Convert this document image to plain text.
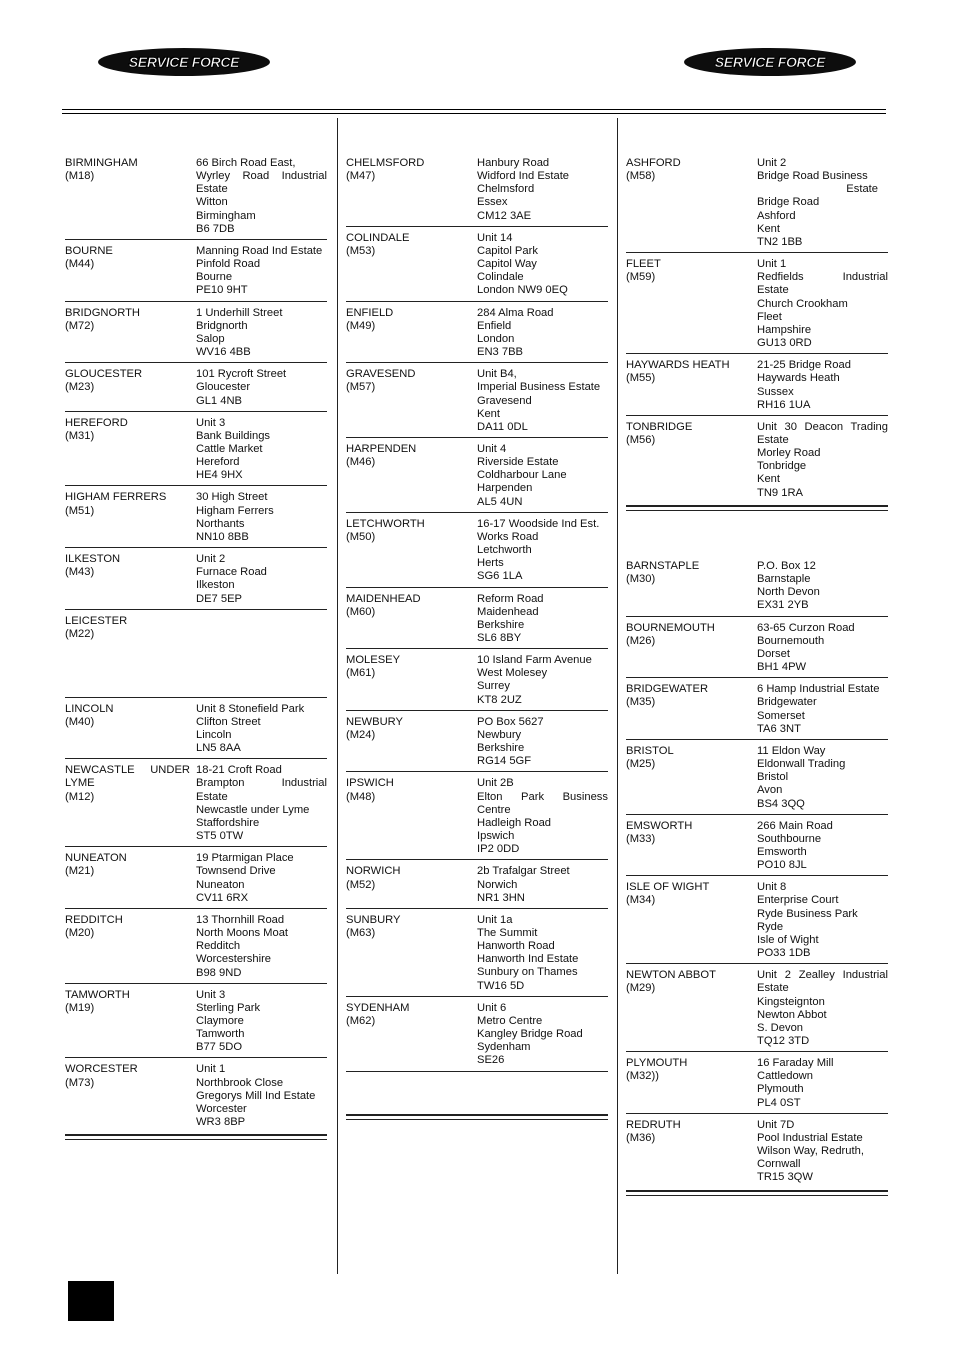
SERVICE FORCE	SERVICE FORCE
BIRMINGHAM
(M18)
66 Birch Road East,
Wyrley Road Industrial
Estate
Witton
Birmingham
B6 7DB
BOURNE
(M44)
Manning Road Ind Estate
Pinfold Road
Bourne
PE10 9HT
BRIDGNORTH
(M72)
1 Underhill Street
Bridgnorth
Salop
WV16 4BB
GLOUCESTER
(M23)
101 Rycroft Street
Gloucester
GL1 4NB
HEREFORD
(M31)
Unit 3
Bank Buildings
Cattle Market
Hereford
HE4 9HX
HIGHAM FERRERS
(M51)
30 High Street
Higham Ferrers
Northants
NN10 8BB
ILKESTON
(M43)
Unit 2
Furnace Road
Ilkeston
DE7 5EP
LEICESTER
(M22)
LINCOLN
(M40)
Unit 8 Stonefield Park
Clifton Street
Lincoln
LN5 8AA
NEWCASTLE UNDER
LYME
(M12)
18-21 Croft Road
Brampton Industrial
Estate
Newcastle under Lyme
Staffordshire
ST5 0TW
NUNEATON
(M21)
19 Ptarmigan Place
Townsend Drive
Nuneaton
CV11 6RX
REDDITCH
(M20)
13 Thornhill Road
North Moons Moat
Redditch
Worcestershire
B98 9ND
TAMWORTH
(M19)
Unit 3
Sterling Park
Claymore
Tamworth
B77 5DO
WORCESTER
(M73)
Unit 1
Northbrook Close
Gregorys Mill Ind Estate
Worcester
WR3 8BP
CHELMSFORD
(M47)
Hanbury Road
Widford Ind Estate
Chelmsford
Essex
CM12 3AE
COLINDALE
(M53)
Unit 14
Capitol Park
Capitol Way
Colindale
London NW9 0EQ
ENFIELD
(M49)
284 Alma Road
Enfield
London
EN3 7BB
GRAVESEND
(M57)
Unit B4,
Imperial Business Estate
Gravesend
Kent
DA11 0DL
HARPENDEN
(M46)
Unit 4
Riverside Estate
Coldharbour Lane
Harpenden
AL5 4UN
LETCHWORTH
(M50)
16-17 Woodside Ind Est.
Works Road
Letchworth
Herts
SG6 1LA
MAIDENHEAD
(M60)
Reform Road
Maidenhead
Berkshire
SL6 8BY
MOLESEY
(M61)
10 Island Farm Avenue
West Molesey
Surrey
KT8 2UZ
NEWBURY
(M24)
PO Box 5627
Newbury
Berkshire
RG14 5GF
IPSWICH
(M48)
Unit 2B
Elton Park Business
Centre
Hadleigh Road
Ipswich
IP2 0DD
NORWICH
(M52)
2b Trafalgar Street
Norwich
NR1 3HN
SUNBURY
(M63)
Unit 1a
The Summit
Hanworth Road
Hanworth Ind Estate
Sunbury on Thames
TW16 5D
SYDENHAM
(M62)
Unit 6
Metro Centre
Kangley Bridge Road
Sydenham
SE26
ASHFORD
(M58)
Unit 2
Bridge Road Business
Estate
Bridge Road
Ashford
Kent
TN2 1BB
FLEET
(M59)
Unit 1
Redfields Industrial
Estate
Church Crookham
Fleet
Hampshire
GU13 0RD
HAYWARDS HEATH
(M55)
21-25 Bridge Road
Haywards Heath
Sussex
RH16 1UA
TONBRIDGE
(M56)
Unit 30 Deacon Trading
Estate
Morley Road
Tonbridge
Kent
TN9 1RA
BARNSTAPLE
(M30)
P.O. Box 12
Barnstaple
North Devon
EX31 2YB
BOURNEMOUTH
(M26)
63-65 Curzon Road
Bournemouth
Dorset
BH1 4PW
BRIDGEWATER
(M35)
6 Hamp Industrial Estate
Bridgewater
Somerset
TA6 3NT
BRISTOL
(M25)
11 Eldon Way
Eldonwall Trading
Bristol
Avon
BS4 3QQ
EMSWORTH
(M33)
266 Main Road
Southbourne
Emsworth
PO10 8JL
ISLE OF WIGHT
(M34)
Unit 8
Enterprise Court
Ryde Business Park
Ryde
Isle of Wight
PO33 1DB
NEWTON ABBOT
(M29)
Unit 2 Zealley Industrial
Estate
Kingsteignton
Newton Abbot
S. Devon
TQ12 3TD
PLYMOUTH
(M32))
16 Faraday Mill
Cattledown
Plymouth
PL4 0ST
REDRUTH
(M36)
Unit 7D
Pool Industrial Estate
Wilson Way, Redruth,
Cornwall
TR15 3QW
